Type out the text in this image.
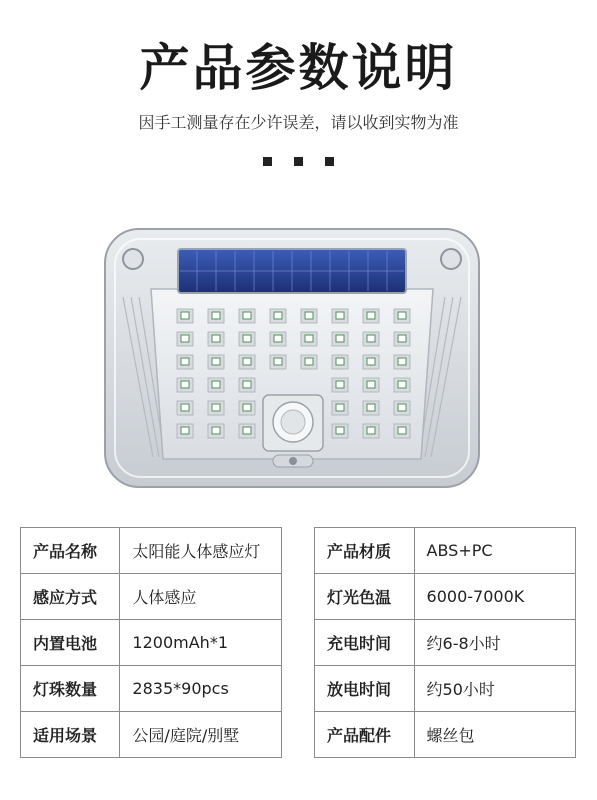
产品参数说明
因手工测量存在少许误差，请以收到实物为准
产品名称	太阳能人体感应灯
感应方式	人体感应
内置电池	1200mAh*1
灯珠数量	2835*90pcs
适用场景	公园/庭院/别墅
产品材质	ABS+PC
灯光色温	6000-7000K
充电时间	约6-8小时
放电时间	约50小时
产品配件	螺丝包
